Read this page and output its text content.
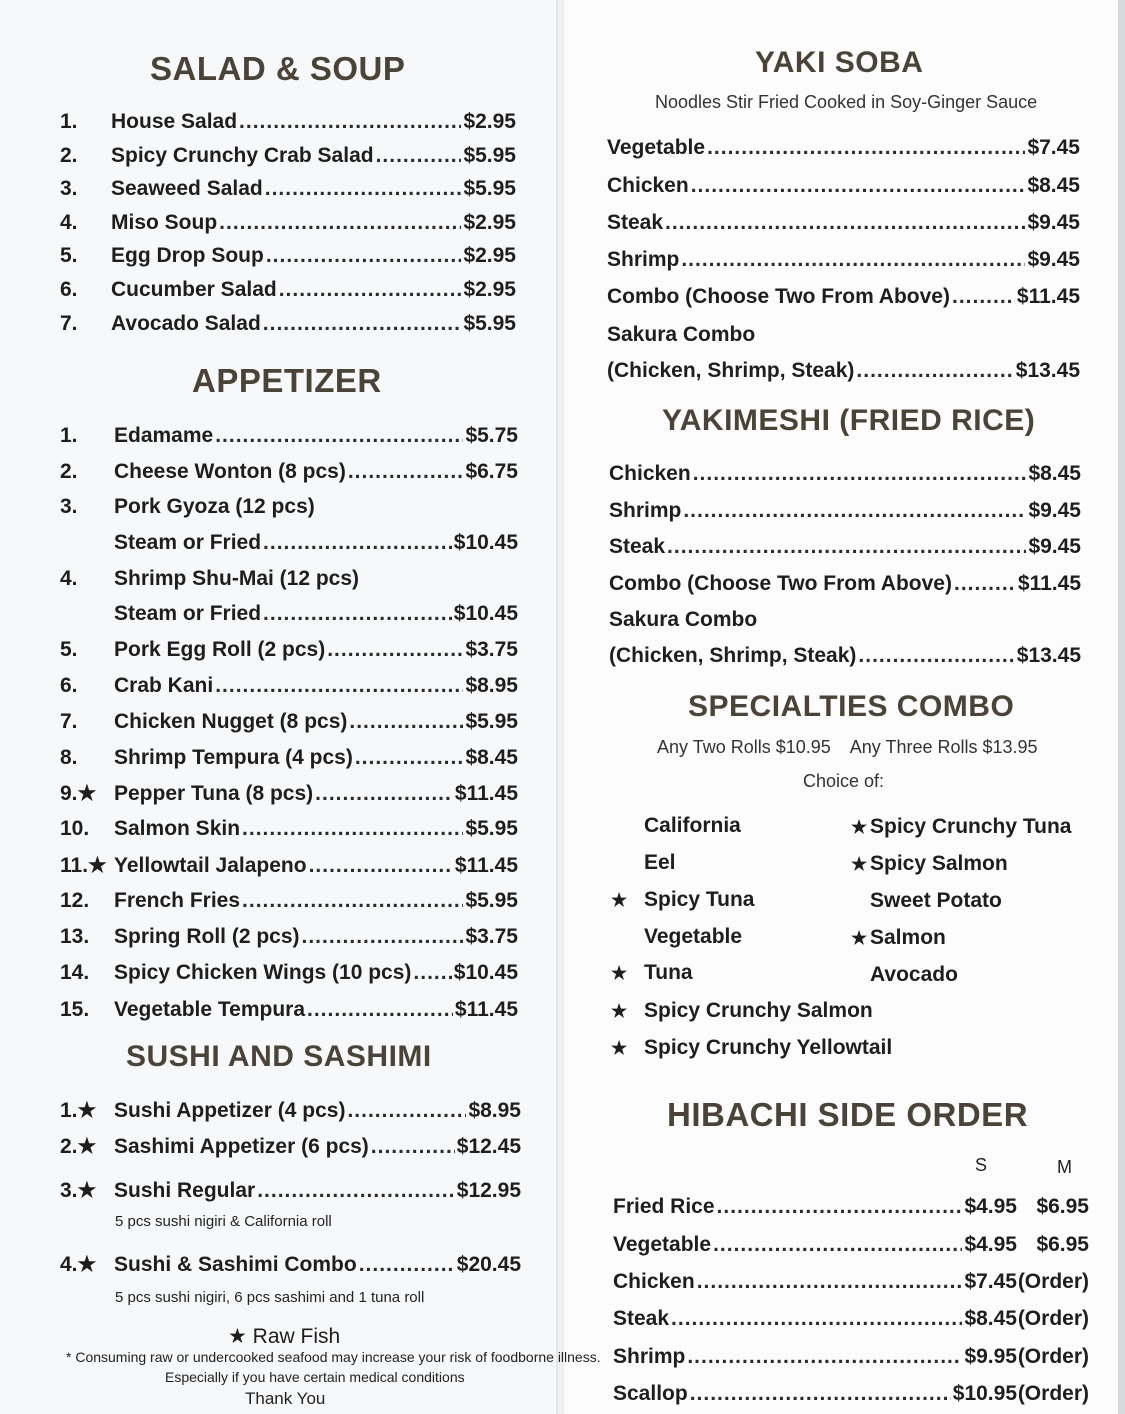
SALAD & SOUP
1.	House Salad .....	$2.95
2.	Spicy Crunchy Crab Salad .....	$5.95
3.	Seaweed Salad .....	$5.95
4.	Miso Soup .....	$2.95
5.	Egg Drop Soup .....	$2.95
6.	Cucumber Salad .....	$2.95
7.	Avocado Salad .....	$5.95
APPETIZER
1.	Edamame .....	$5.75
2.	Cheese Wonton (8 pcs) .....	$6.75
3.	Pork Gyoza (12 pcs)
Steam or Fried .....	$10.45
4.	Shrimp Shu-Mai (12 pcs)
Steam or Fried .....	$10.45
5.	Pork Egg Roll (2 pcs) .....	$3.75
6.	Crab Kani .....	$8.95
7.	Chicken Nugget (8 pcs) .....	$5.95
8.	Shrimp Tempura (4 pcs) .....	$8.45
9.★ Pepper Tuna (8 pcs) .....	$11.45
10.	Salmon Skin .....	$5.95
11.★ Yellowtail Jalapeno .....	$11.45
12.	French Fries .....	$5.95
13.	Spring Roll (2 pcs) .....	$3.75
14.	Spicy Chicken Wings (10 pcs) ..... $10.45
15.	Vegetable Tempura .....	$11.45
SUSHI AND SASHIMI
1.★ Sushi Appetizer (4 pcs) .....	$8.95
2.★ Sashimi Appetizer (6 pcs) .....	$12.45
3.★ Sushi Regular .....	$12.95
4.★ Sushi & Sashimi Combo .....	$20.45
5 pcs sushi nigiri & California roll
5 pcs sushi nigiri, 6 pcs sashimi and 1 tuna roll
★ Raw Fish
* Consuming raw or undercooked seafood may increase your risk of foodborne illness.
Especially if you have certain medical conditions
Thank You
YAKI SOBA
Noodles Stir Fried Cooked in Soy-Ginger Sauce
Vegetable .....	$7.45
Chicken .....	$8.45
Steak .....	$9.45
Shrimp .....	$9.45
Combo (Choose Two From Above) .....	$11.45
Sakura Combo
(Chicken, Shrimp, Steak) .....	$13.45
YAKIMESHI (FRIED RICE)
Chicken .....	$8.45
Shrimp .....	$9.45
Steak .....	$9.45
Combo (Choose Two From Above) .....	$11.45
Sakura Combo
(Chicken, Shrimp, Steak) .....	$13.45
SPECIALTIES COMBO
Any Two Rolls $10.95    Any Three Rolls $13.95
Choice of:
California
Eel
★ Spicy Tuna
Vegetable
★ Tuna
★ Spicy Crunchy Salmon
★ Spicy Crunchy Yellowtail
★ Spicy Crunchy Tuna
★ Spicy Salmon
Sweet Potato
★ Salmon
Avocado
HIBACHI SIDE ORDER
S	M
Fried Rice .....	$4.95 $6.95
Vegetable .....	$4.95 $6.95
Chicken .....	$7.45 (Order)
Steak .....	$8.45 (Order)
Shrimp .....	$9.95 (Order)
Scallop .....	$10.95 (Order)
